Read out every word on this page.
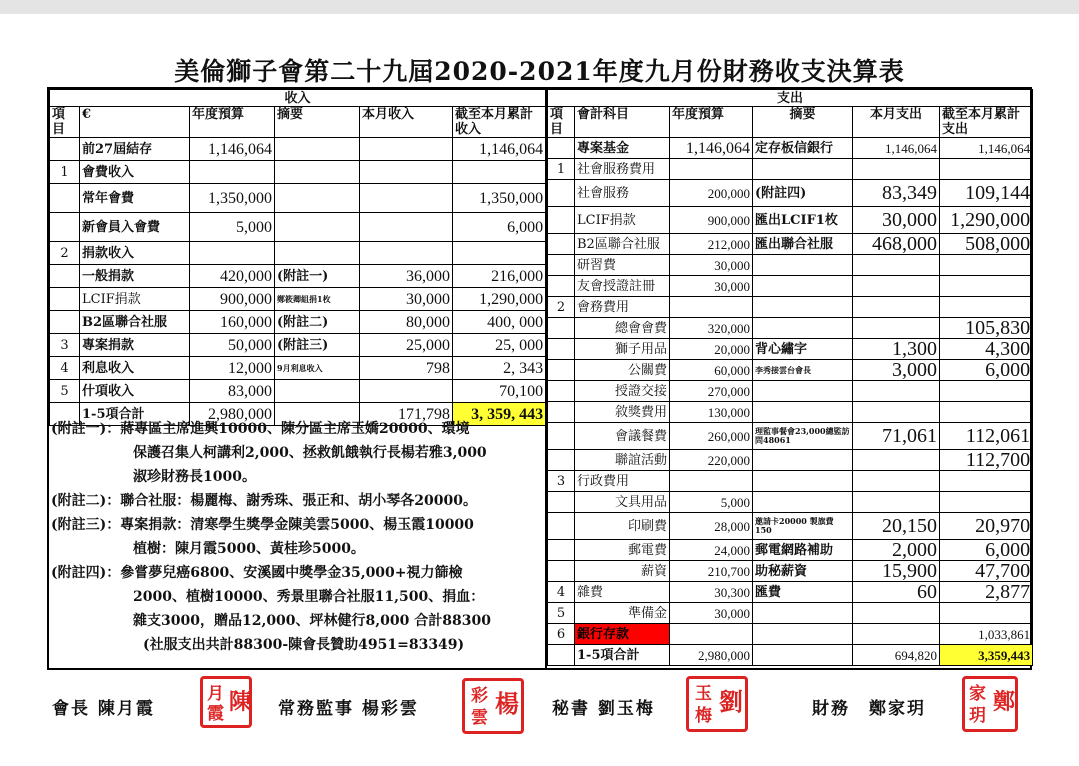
美倫獅子會第二十九屆2020-2021年度九月份財務收支決算表
收入					
項目	€	年度預算	摘要	本月收入	截至本月累計收入
	前27屆結存	1,146,064			1,146,064
1	會費收入				
	常年會費	1,350,000			1,350,000
	新會員入會費	5,000			6,000
2	捐款收入				
	一般捐款	420,000	(附註一)	36,000	216,000
	LCIF捐款	900,000	鄭筱卿組捐1枚	30,000	1,290,000
	B2區聯合社服	160,000	(附註二)	80,000	400, 000
3	專案捐款	50,000	(附註三)	25,000	25, 000
4	利息收入	12,000	9月利息收入	798	2, 343
5	什項收入	83,000			70,100
	1-5項合計	2,980,000		171,798	3, 359, 443
(附註一)：蔣專區主席進興10000、陳分區主席玉嬌20000、環境
保護召集人柯講利2,000、拯救飢餓執行長楊若雅3,000
淑珍財務長1000。
(附註二)：聯合社服：楊麗梅、謝秀珠、張正和、胡小琴各20000。
(附註三)：專案捐款：清寒學生獎學金陳美雲5000、楊玉霞10000
植樹：陳月霞5000、黃桂珍5000。
(附註四)：參嘗夢兒癌6800、安溪國中獎學金35,000+視力篩檢
2000、植樹10000、秀景里聯合社服11,500、捐血：
雜支3000，贈品12,000、坪林健行8,000 合計88300
(社服支出共計88300-陳會長贊助4951=83349)
支出					
項目	會計科目	年度預算	摘要	本月支出	截至本月累計支出
	專案基金	1,146,064	定存板信銀行	1,146,064	1,146,064
1	社會服務費用				
	社會服務	200,000	(附註四)	83,349	109,144
	LCIF捐款	900,000	匯出LCIF1枚	30,000	1,290,000
	B2區聯合社服	212,000	匯出聯合社服	468,000	508,000
	研習費	30,000			
	友會授證註冊	30,000			
2	會務費用				
	總會會費	320,000			105,830
	獅子用品	20,000	背心繡字	1,300	4,300
	公關費	60,000	李秀接雲台會長	3,000	6,000
	授證交接	270,000			
	敘獎費用	130,000			
	會議餐費	260,000	理監事餐會23,000總監訪問48061	71,061	112,061
	聯誼活動	220,000			112,700
3	行政費用				
	文具用品	5,000			
	印刷費	28,000	邀請卡20000 製旗費150	20,150	20,970
	郵電費	24,000	郵電網路補助	2,000	6,000
	薪資	210,700	助秘薪資	15,900	47,700
4	雜費	30,300	匯費	60	2,877
5	準備金	30,000			
6	銀行存款				1,033,861
	1-5項合計	2,980,000		694,820	3,359,443
會長 陳月霞
月
霞 陳 常務監事 楊彩雲
彩
雲 楊 秘書 劉玉梅
玉
梅 劉	財務　鄭家玥
家
玥
鄭
